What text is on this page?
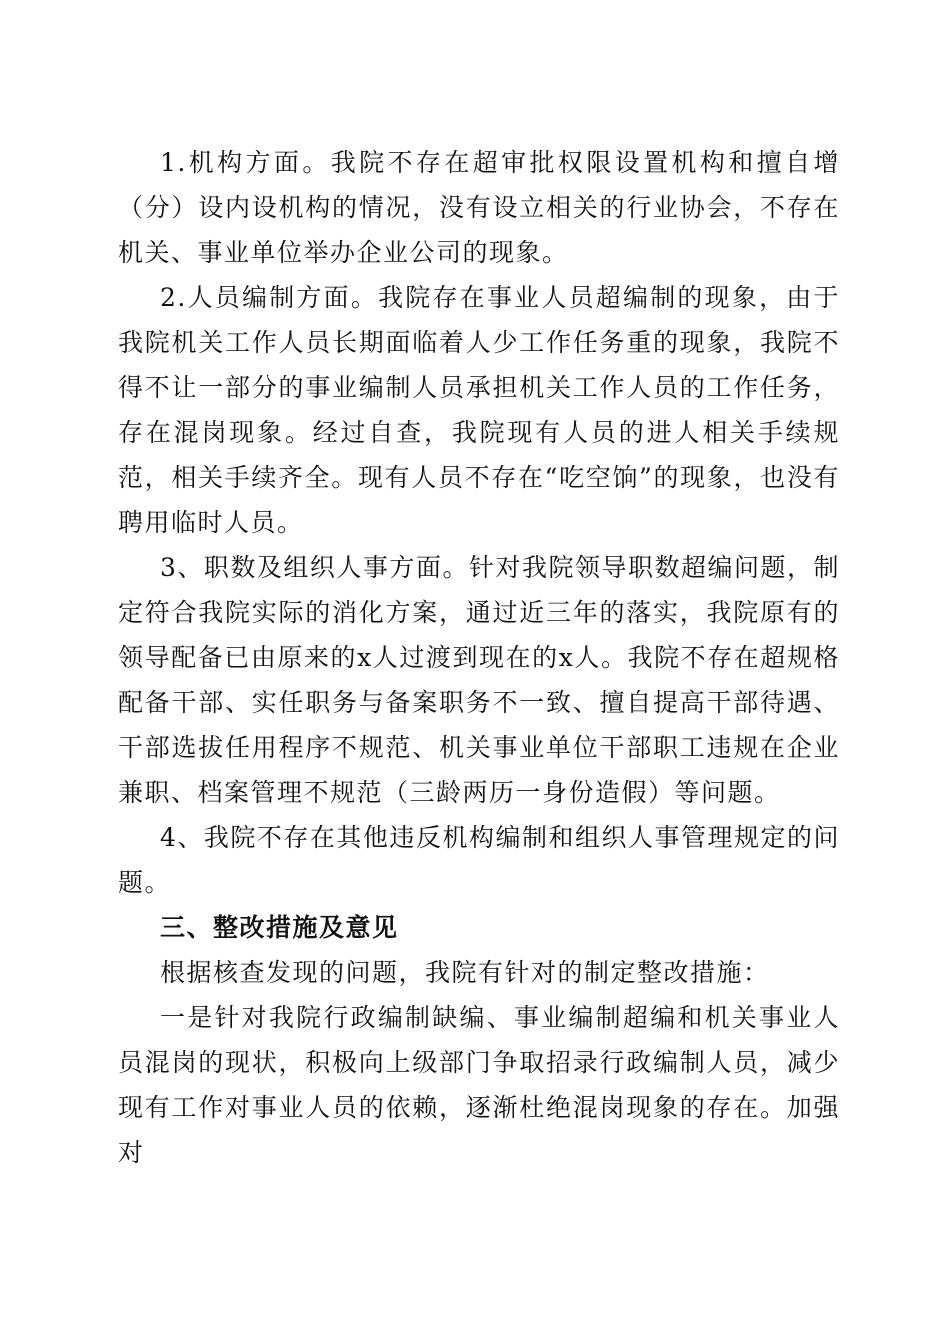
1.机构方面。我院不存在超审批权限设置机构和擅自增（分）设内设机构的情况，没有设立相关的行业协会，不存在机关、事业单位举办企业公司的现象。

2.人员编制方面。我院存在事业人员超编制的现象，由于我院机关工作人员长期面临着人少工作任务重的现象，我院不得不让一部分的事业编制人员承担机关工作人员的工作任务，存在混岗现象。经过自查，我院现有人员的进人相关手续规范，相关手续齐全。现有人员不存在“吃空饷”的现象，也没有聘用临时人员。

3、职数及组织人事方面。针对我院领导职数超编问题，制定符合我院实际的消化方案，通过近三年的落实，我院原有的领导配备已由原来的x人过渡到现在的x人。我院不存在超规格配备干部、实任职务与备案职务不一致、擅自提高干部待遇、干部选拔任用程序不规范、机关事业单位干部职工违规在企业兼职、档案管理不规范（三龄两历一身份造假）等问题。

4、我院不存在其他违反机构编制和组织人事管理规定的问题。

三、整改措施及意见

根据核查发现的问题，我院有针对的制定整改措施：

一是针对我院行政编制缺编、事业编制超编和机关事业人员混岗的现状，积极向上级部门争取招录行政编制人员，减少现有工作对事业人员的依赖，逐渐杜绝混岗现象的存在。加强对
